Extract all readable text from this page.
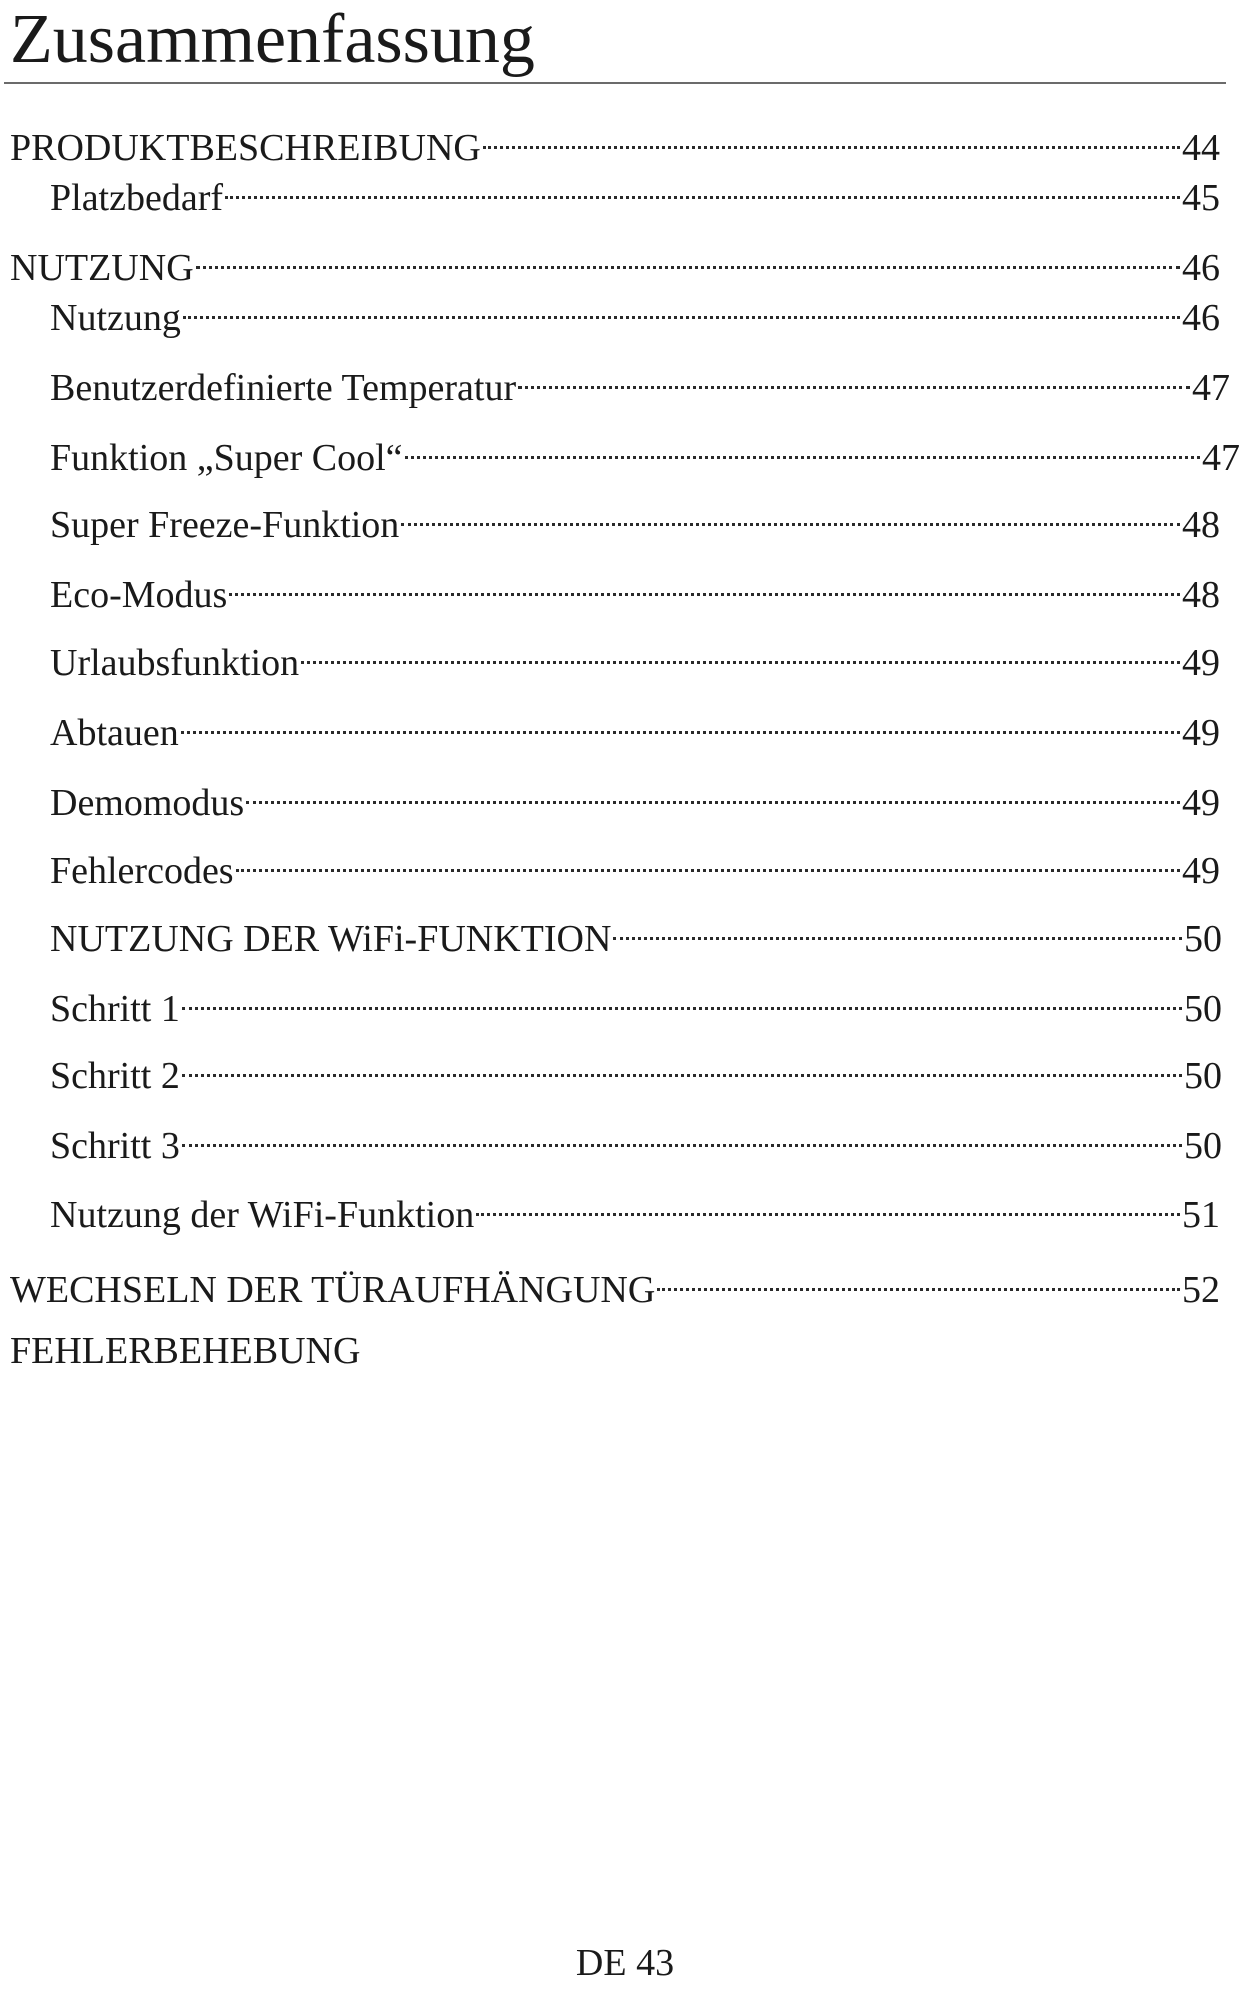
Zusammenfassung
PRODUKTBESCHREIBUNG	44
Platzbedarf	45
NUTZUNG	46
Nutzung	46
Benutzerdefinierte Temperatur	47
Funktion „Super Cool“	47
Super Freeze-Funktion	48
Eco-Modus	48
Urlaubsfunktion	49
Abtauen	49
Demomodus	49
Fehlercodes	49
NUTZUNG DER WiFi-FUNKTION	50
Schritt 1	50
Schritt 2	50
Schritt 3	50
Nutzung der WiFi-Funktion	51
WECHSELN DER TÜRAUFHÄNGUNG	52
FEHLERBEHEBUNG
DE 43
